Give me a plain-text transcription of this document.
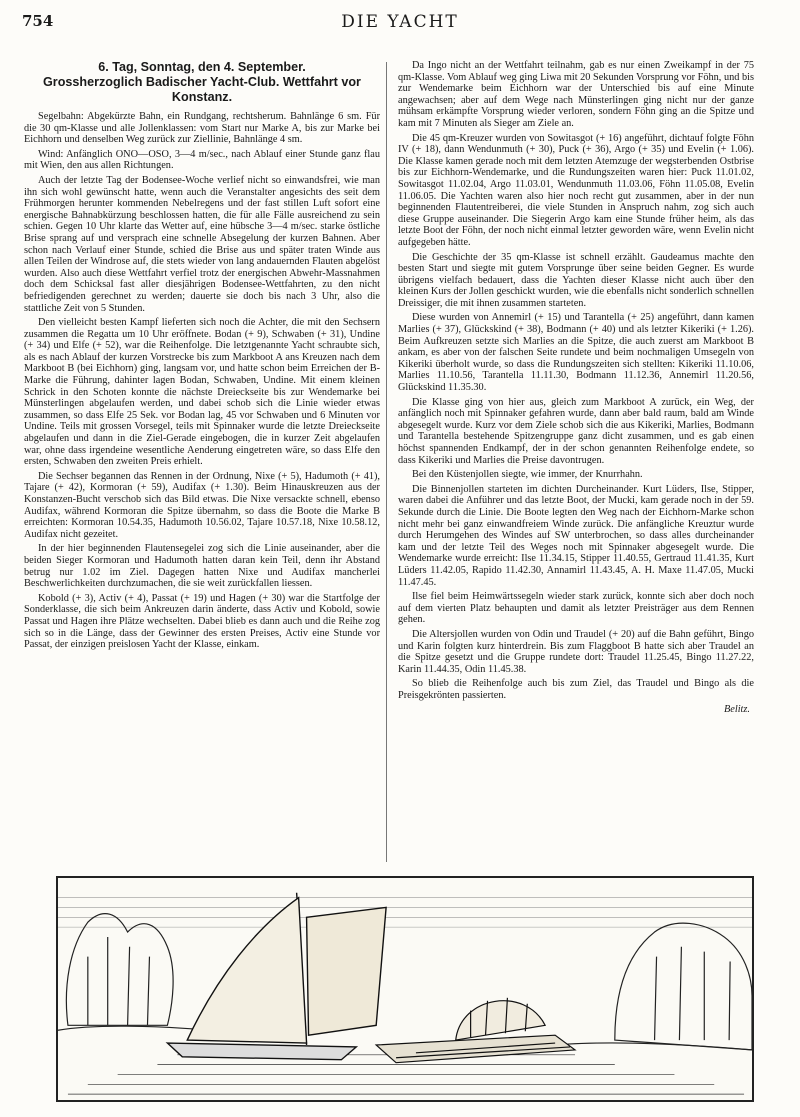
754	DIE YACHT
6. Tag, Sonntag, den 4. September.
Grossherzoglich Badischer Yacht-Club. Wettfahrt vor Konstanz.

Segelbahn: Abgekürzte Bahn, ein Rundgang, rechtsherum. Bahnlänge 6 sm. Für die 30 qm-Klasse und alle Jollenklassen: vom Start nur Marke A, bis zur Marke bei Eichhorn und denselben Weg zurück zur Ziellinie, Bahnlänge 4 sm.

Wind: Anfänglich ONO—OSO, 3—4 m/sec., nach Ablauf einer Stunde ganz flau mit Wien, den aus allen Richtungen.

Auch der letzte Tag der Bodensee-Woche verlief nicht so einwandsfrei, wie man ihn sich wohl gewünscht hatte, wenn auch die Veranstalter angesichts des seit dem Frühmorgen herunter kommenden Nebelregens und der fast stillen Luft sofort eine energische Bahnabkürzung beschlossen hatten, die für alle Fälle ausreichend zu sein schien. Gegen 10 Uhr klarte das Wetter auf, eine hübsche 3—4 m/sec. starke östliche Brise sprang auf und versprach eine schnelle Absegelung der kurzen Bahnen. Aber schon nach Verlauf einer Stunde, schied die Brise aus und später traten Winde aus allen Teilen der Windrose auf, die stets wieder von lang andauernden Flauten abgelöst wurden. Also auch diese Wettfahrt verfiel trotz der energischen Abwehr-Massnahmen doch dem Schicksal fast aller diesjährigen Bodensee-Wettfahrten, zu den nicht befriedigenden gerechnet zu werden; dauerte sie doch bis nach 3 Uhr, also die stattliche Zeit von 5 Stunden.

Den vielleicht besten Kampf lieferten sich noch die Achter, die mit den Sechsern zusammen die Regatta um 10 Uhr eröffnete. Bodan (+ 9), Schwaben (+ 31), Undine (+ 34) und Elfe (+ 52), war die Reihenfolge. Die letztgenannte Yacht schraubte sich, als es nach Ablauf der kurzen Vorstrecke bis zum Markboot A ans Kreuzen nach dem Markboot B (bei Eichhorn) ging, langsam vor, und hatte schon beim Erreichen der B-Marke die Führung, dahinter lagen Bodan, Schwaben, Undine. Mit einem kleinen Schrick in den Schoten konnte die nächste Dreieckseite bis zur Wendemarke bei Münsterlingen abgelaufen werden, und dabei schob sich die Linie wieder etwas zusammen, so dass Elfe 25 Sek. vor Bodan lag, 45 vor Schwaben und 6 Minuten vor Undine. Teils mit grossen Vorsegel, teils mit Spinnaker wurde die letzte Dreieckseite abgelaufen und dann in die Ziel-Gerade eingebogen, die in kurzer Zeit abgelaufen war, ohne dass irgendeine wesentliche Aenderung eingetreten wäre, so dass Elfe den ersten, Schwaben den zweiten Preis erhielt.

Die Sechser begannen das Rennen in der Ordnung, Nixe (+ 5), Hadumoth (+ 41), Tajare (+ 42), Kormoran (+ 59), Audifax (+ 1.30). Beim Hinauskreuzen aus der Konstanzen-Bucht verschob sich das Bild etwas. Die Nixe versackte schnell, ebenso Audifax, während Kormoran die Spitze übernahm, so dass die Boote die Marke B erreichten: Kormoran 10.54.35, Hadumoth 10.56.02, Tajare 10.57.18, Nixe 10.58.12, Audifax nicht gezeitet.

In der hier beginnenden Flautensegelei zog sich die Linie auseinander, aber die beiden Sieger Kormoran und Hadumoth hatten daran kein Teil, denn ihr Abstand betrug nur 1.02 im Ziel. Dagegen hatten Nixe und Audifax mancherlei Beschwerlichkeiten durchzumachen, die sie weit zurückfallen liessen.

Kobold (+ 3), Activ (+ 4), Passat (+ 19) und Hagen (+ 30) war die Startfolge der Sonderklasse, die sich beim Ankreuzen darin änderte, dass Activ und Kobold, sowie Passat und Hagen ihre Plätze wechselten. Dabei blieb es dann auch und die Reihe zog sich so in die Länge, dass der Gewinner des ersten Preises, Activ eine Stunde vor Passat, der einzigen preislosen Yacht der Klasse, einkam.

Da Ingo nicht an der Wettfahrt teilnahm, gab es nur einen Zweikampf in der 75 qm-Klasse. Vom Ablauf weg ging Liwa mit 20 Sekunden Vorsprung vor Föhn, und bis zur Wendemarke beim Eichhorn war der Unterschied bis auf eine Minute angewachsen; aber auf dem Wege nach Münsterlingen ging nicht nur der ganze mühsam erkämpfte Vorsprung wieder verloren, sondern Föhn ging an die Spitze und kam mit 7 Minuten als Sieger am Ziele an.

Die 45 qm-Kreuzer wurden von Sowitasgot (+ 16) angeführt, dichtauf folgte Föhn IV (+ 18), dann Wendunmuth (+ 30), Puck (+ 36), Argo (+ 35) und Evelin (+ 1.06). Die Klasse kamen gerade noch mit dem letzten Atemzuge der wegsterbenden Ostbrise bis zur Eichhorn-Wendemarke, und die Rundungszeiten waren hier: Puck 11.01.02, Sowitasgot 11.02.04, Argo 11.03.01, Wendunmuth 11.03.06, Föhn 11.05.08, Evelin 11.06.05. Die Yachten waren also hier noch recht gut zusammen, aber in der nun beginnenden Flautentreiberei, die viele Stunden in Anspruch nahm, zog sich auch diese Gruppe auseinander. Die Siegerin Argo kam eine Stunde früher heim, als das letzte Boot der Föhn, der noch nicht einmal letzter geworden wäre, wenn Evelin nicht aufgegeben hätte.

Die Geschichte der 35 qm-Klasse ist schnell erzählt. Gaudeamus machte den besten Start und siegte mit gutem Vorsprunge über seine beiden Gegner. Es wurde übrigens vielfach bedauert, dass die Yachten dieser Klasse nicht auch über den kleinen Kurs der Jollen geschickt wurden, wie die ebenfalls nicht sonderlich schnellen Dreissiger, die mit ihnen zusammen starteten.

Diese wurden von Annemirl (+ 15) und Tarantella (+ 25) angeführt, dann kamen Marlies (+ 37), Glückskind (+ 38), Bodmann (+ 40) und als letzter Kikeriki (+ 1.26). Beim Aufkreuzen setzte sich Marlies an die Spitze, die auch zuerst am Markboot B ankam, es aber von der falschen Seite rundete und beim nochmaligen Umsegeln von Kikeriki überholt wurde, so dass die Rundungszeiten sich stellten: Kikeriki 11.10.06, Marlies 11.10.56, Tarantella 11.11.30, Bodmann 11.12.36, Annemirl 11.20.56, Glückskind 11.35.30.

Die Klasse ging von hier aus, gleich zum Markboot A zurück, ein Weg, der anfänglich noch mit Spinnaker gefahren wurde, dann aber bald raum, bald am Winde abgesegelt wurde. Kurz vor dem Ziele schob sich die aus Kikeriki, Marlies, Bodmann und Tarantella bestehende Spitzengruppe ganz dicht zusammen, und es gab einen höchst spannenden Endkampf, der in der schon genannten Reihenfolge endete, so dass Kikeriki und Marlies die Preise davontrugen.

Bei den Küstenjollen siegte, wie immer, der Knurrhahn.

Die Binnenjollen starteten im dichten Durcheinander. Kurt Lüders, Ilse, Stipper, waren dabei die Anführer und das letzte Boot, der Mucki, kam gerade noch in der 59. Sekunde durch die Linie. Die Boote legten den Weg nach der Eichhorn-Marke schon nicht mehr bei ganz einwandfreiem Winde zurück. Die anfängliche Kreuztur wurde durch Herumgehen des Windes auf SW unterbrochen, so dass alles durcheinander kam und der letzte Teil des Weges noch mit Spinnaker abgesegelt wurde. Die Wendemarke wurde erreicht: Ilse 11.34.15, Stipper 11.40.55, Gertraud 11.41.35, Kurt Lüders 11.42.05, Rapido 11.42.30, Annamirl 11.43.45, A. H. Maxe 11.47.05, Mucki 11.47.45.

Ilse fiel beim Heimwärtssegeln wieder stark zurück, konnte sich aber doch noch auf dem vierten Platz behaupten und damit als letzter Preisträger aus dem Rennen gehen.

Die Altersjollen wurden von Odin und Traudel (+ 20) auf die Bahn geführt, Bingo und Karin folgten kurz hinterdrein. Bis zum Flaggboot B hatte sich aber Traudel an die Spitze gesetzt und die Gruppe rundete dort: Traudel 11.25.45, Bingo 11.27.22, Karin 11.44.35, Odin 11.45.38.

So blieb die Reihenfolge auch bis zum Ziel, das Traudel und Bingo als die Preisgekrönten passierten.

Belitz.
